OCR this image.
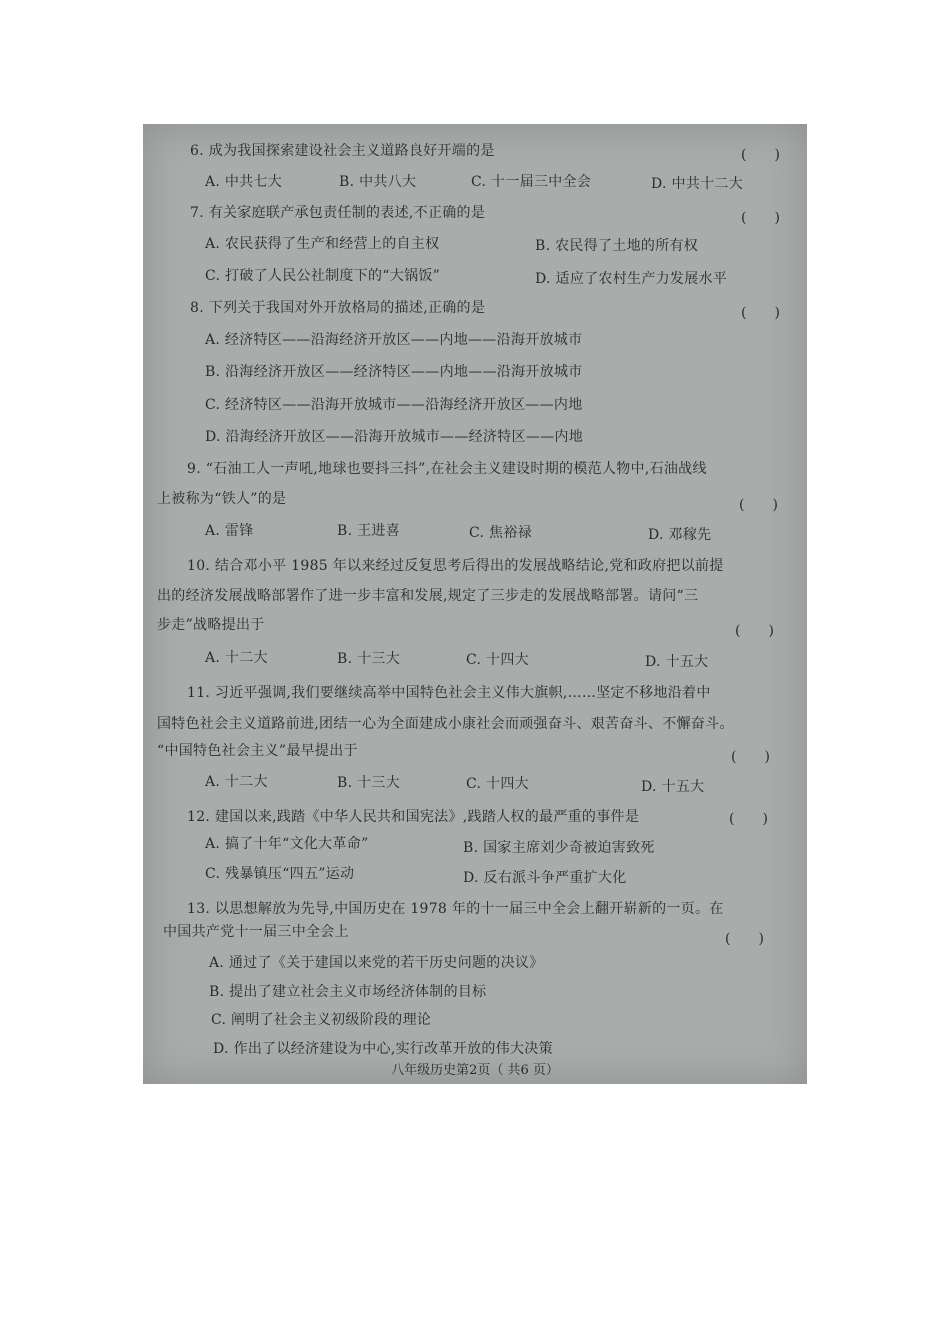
6. 成为我国探索建设社会主义道路良好开端的是	(　　)
A. 中共七大	B. 中共八大	C. 十一届三中全会	D. 中共十二大
7. 有关家庭联产承包责任制的表述,不正确的是	(　　)
A. 农民获得了生产和经营上的自主权	B. 农民得了土地的所有权
C. 打破了人民公社制度下的“大锅饭”	D. 适应了农村生产力发展水平
8. 下列关于我国对外开放格局的描述,正确的是	(　　)
A. 经济特区——沿海经济开放区——内地——沿海开放城市
B. 沿海经济开放区——经济特区——内地——沿海开放城市
C. 经济特区——沿海开放城市——沿海经济开放区——内地
D. 沿海经济开放区——沿海开放城市——经济特区——内地
9. “石油工人一声吼,地球也要抖三抖”,在社会主义建设时期的模范人物中,石油战线
上被称为“铁人”的是	(　　)
A. 雷锋	B. 王进喜	C. 焦裕禄	D. 邓稼先
10. 结合邓小平 1985 年以来经过反复思考后得出的发展战略结论,党和政府把以前提
出的经济发展战略部署作了进一步丰富和发展,规定了三步走的发展战略部署。请问“三
步走”战略提出于	(　　)
A. 十二大	B. 十三大	C. 十四大	D. 十五大
11. 习近平强调,我们要继续高举中国特色社会主义伟大旗帜,……坚定不移地沿着中
国特色社会主义道路前进,团结一心为全面建成小康社会而顽强奋斗、艰苦奋斗、不懈奋斗。
“中国特色社会主义”最早提出于	(　　)
A. 十二大	B. 十三大	C. 十四大	D. 十五大
12. 建国以来,践踏《中华人民共和国宪法》,践踏人权的最严重的事件是	(　　)
A. 搞了十年“文化大革命”	B. 国家主席刘少奇被迫害致死
C. 残暴镇压“四五”运动	D. 反右派斗争严重扩大化
13. 以思想解放为先导,中国历史在 1978 年的十一届三中全会上翻开崭新的一页。在
中国共产党十一届三中全会上	(　　)
A. 通过了《关于建国以来党的若干历史问题的决议》
B. 提出了建立社会主义市场经济体制的目标
C. 阐明了社会主义初级阶段的理论
D. 作出了以经济建设为中心,实行改革开放的伟大决策
八年级历史第2页（ 共6 页）
